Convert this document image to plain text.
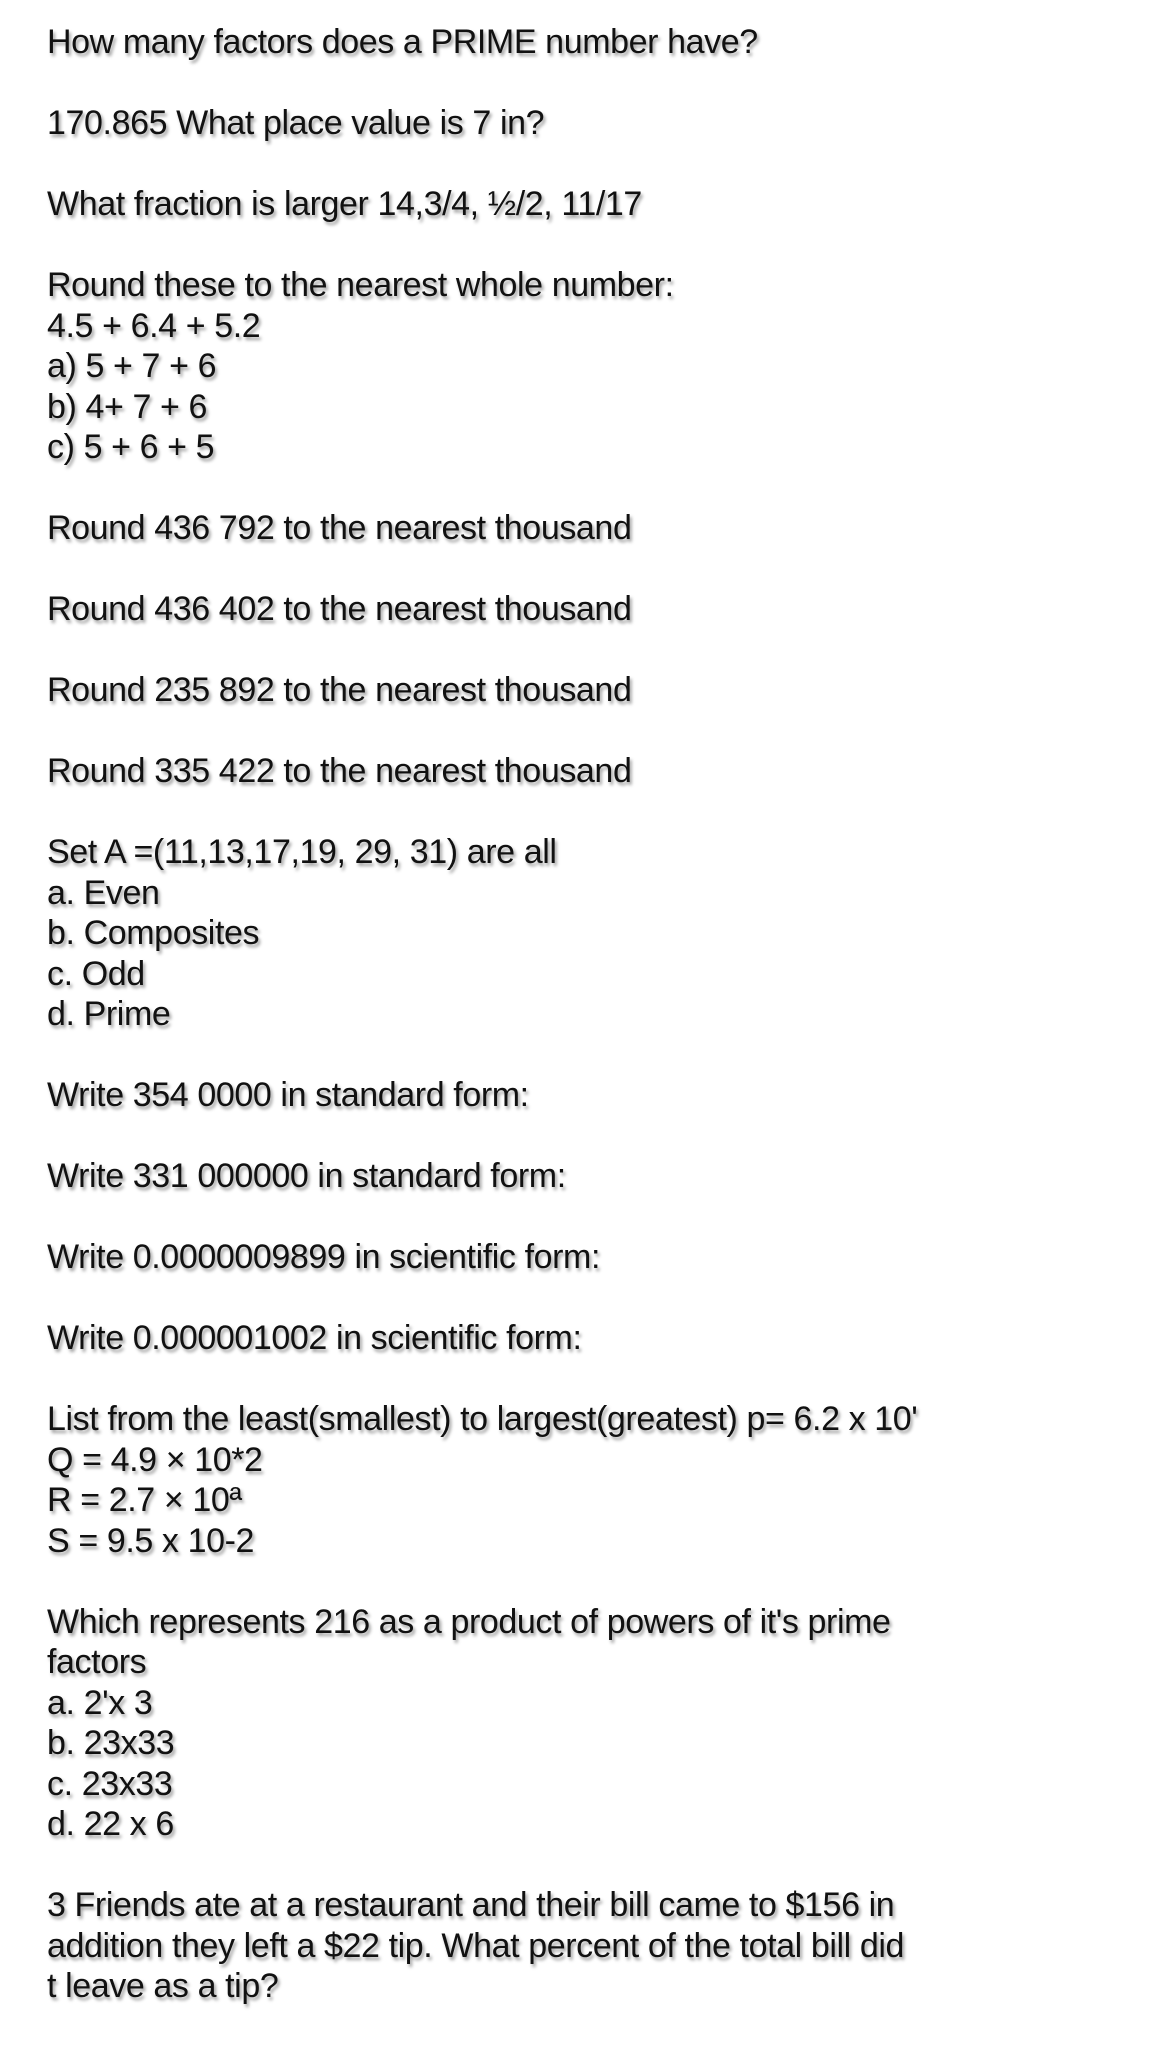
How many factors does a PRIME number have?
170.865 What place value is 7 in?
What fraction is larger 14,3/4, ½/2, 11/17
Round these to the nearest whole number:
4.5 + 6.4 + 5.2
a) 5 + 7 + 6
b) 4+ 7 + 6
c) 5 + 6 + 5
Round 436 792 to the nearest thousand
Round 436 402 to the nearest thousand
Round 235 892 to the nearest thousand
Round 335 422 to the nearest thousand
Set A =(11,13,17,19, 29, 31) are all
a. Even
b. Composites
c. Odd
d. Prime
Write 354 0000 in standard form:
Write 331 000000 in standard form:
Write 0.0000009899 in scientific form:
Write 0.000001002 in scientific form:
List from the least(smallest) to largest(greatest) p= 6.2 x 10'
Q = 4.9 × 10*2
R = 2.7 × 10ª
S = 9.5 x 10-2
Which represents 216 as a product of powers of it's prime
factors
a. 2'x 3
b. 23x33
c. 23x33
d. 22 x 6
3 Friends ate at a restaurant and their bill came to $156 in
addition they left a $22 tip. What percent of the total bill did
t leave as a tip?
